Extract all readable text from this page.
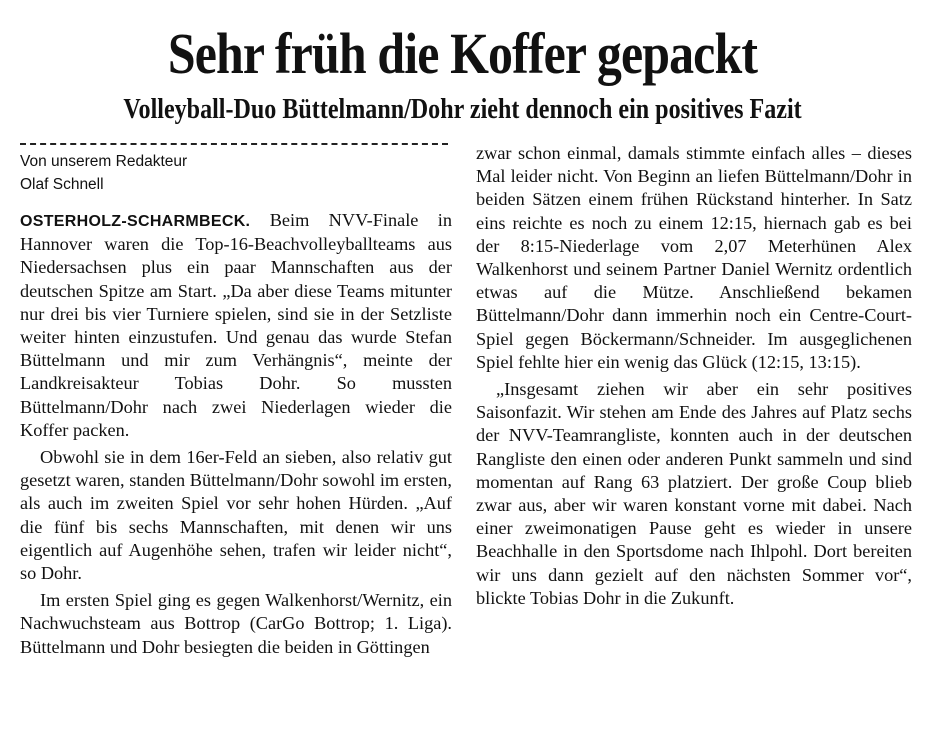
Sehr früh die Koffer gepackt
Volleyball-Duo Büttelmann/Dohr zieht dennoch ein positives Fazit
Von unserem Redakteur
Olaf Schnell

OSTERHOLZ-SCHARMBECK. Beim NVV-Finale in Hannover waren die Top-16-Beachvolleyballteams aus Niedersachsen plus ein paar Mannschaften aus der deutschen Spitze am Start. „Da aber diese Teams mitunter nur drei bis vier Turniere spielen, sind sie in der Setzliste weiter hinten einzustufen. Und genau das wurde Stefan Büttelmann und mir zum Verhängnis“, meinte der Landkreisakteur Tobias Dohr. So mussten Büttelmann/Dohr nach zwei Niederlagen wieder die Koffer packen.

Obwohl sie in dem 16er-Feld an sieben, also relativ gut gesetzt waren, standen Büttelmann/Dohr sowohl im ersten, als auch im zweiten Spiel vor sehr hohen Hürden. „Auf die fünf bis sechs Mannschaften, mit denen wir uns eigentlich auf Augenhöhe sehen, trafen wir leider nicht“, so Dohr.

Im ersten Spiel ging es gegen Walkenhorst/Wernitz, ein Nachwuchsteam aus Bottrop (CarGo Bottrop; 1. Liga). Büttelmann und Dohr besiegten die beiden in Göttingen

zwar schon einmal, damals stimmte einfach alles – dieses Mal leider nicht. Von Beginn an liefen Büttelmann/Dohr in beiden Sätzen einem frühen Rückstand hinterher. In Satz eins reichte es noch zu einem 12:15, hiernach gab es bei der 8:15-Niederlage vom 2,07 Meterhünen Alex Walkenhorst und seinem Partner Daniel Wernitz ordentlich etwas auf die Mütze. Anschließend bekamen Büttelmann/Dohr dann immerhin noch ein Centre-Court-Spiel gegen Böckermann/Schneider. Im ausgeglichenen Spiel fehlte hier ein wenig das Glück (12:15, 13:15).

„Insgesamt ziehen wir aber ein sehr positives Saisonfazit. Wir stehen am Ende des Jahres auf Platz sechs der NVV-Teamrangliste, konnten auch in der deutschen Rangliste den einen oder anderen Punkt sammeln und sind momentan auf Rang 63 platziert. Der große Coup blieb zwar aus, aber wir waren konstant vorne mit dabei. Nach einer zweimonatigen Pause geht es wieder in unsere Beachhalle in den Sportsdome nach Ihlpohl. Dort bereiten wir uns dann gezielt auf den nächsten Sommer vor“, blickte Tobias Dohr in die Zukunft.
